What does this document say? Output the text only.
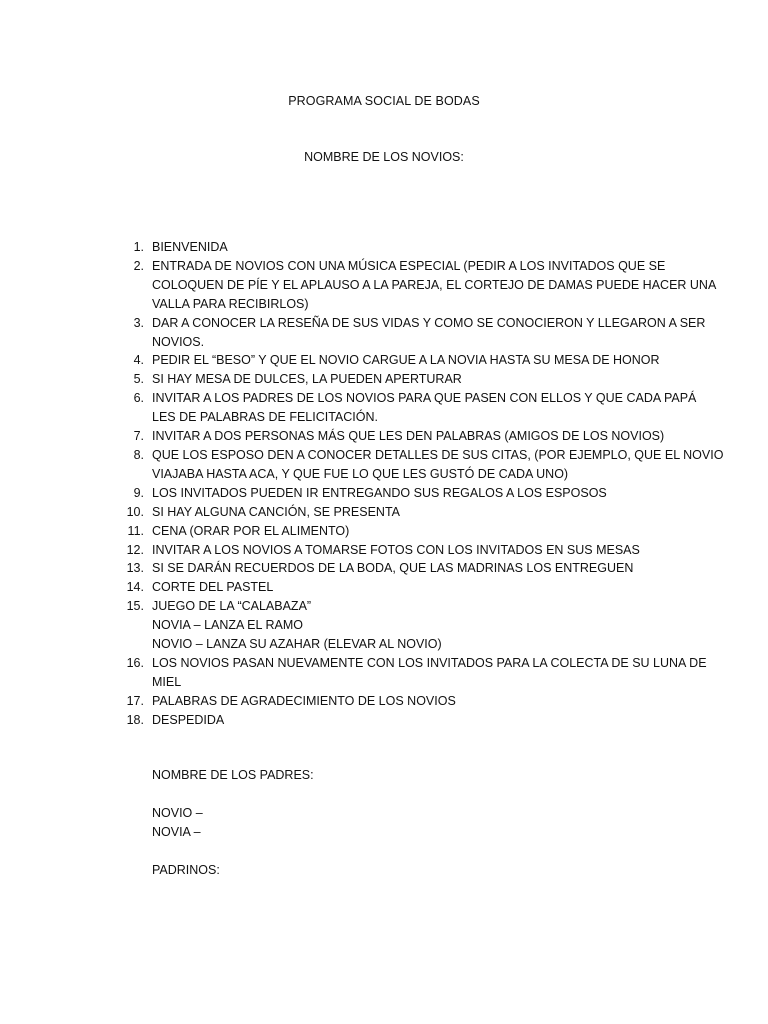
PROGRAMA SOCIAL DE BODAS
NOMBRE DE LOS NOVIOS:
1. BIENVENIDA
2. ENTRADA DE NOVIOS CON UNA MÚSICA ESPECIAL (PEDIR A LOS INVITADOS QUE SE
COLOQUEN DE PÍE Y EL APLAUSO A LA PAREJA, EL CORTEJO DE DAMAS PUEDE HACER UNA
VALLA PARA RECIBIRLOS)
3. DAR A CONOCER LA RESEÑA DE SUS VIDAS Y COMO SE CONOCIERON Y LLEGARON A SER
NOVIOS.
4. PEDIR EL “BESO” Y QUE EL NOVIO CARGUE A LA NOVIA HASTA SU MESA DE HONOR
5. SI HAY MESA DE DULCES, LA PUEDEN APERTURAR
6. INVITAR A LOS PADRES DE LOS NOVIOS PARA QUE PASEN CON ELLOS Y QUE CADA PAPÁ
LES DE PALABRAS DE FELICITACIÓN.
7. INVITAR A DOS PERSONAS MÁS QUE LES DEN PALABRAS (AMIGOS DE LOS NOVIOS)
8. QUE LOS ESPOSO DEN A CONOCER DETALLES DE SUS CITAS, (POR EJEMPLO, QUE EL NOVIO
VIAJABA HASTA ACA, Y QUE FUE LO QUE LES GUSTÓ DE CADA UNO)
9. LOS INVITADOS PUEDEN IR ENTREGANDO SUS REGALOS A LOS ESPOSOS
10. SI HAY ALGUNA CANCIÓN, SE PRESENTA
11. CENA (ORAR POR EL ALIMENTO)
12. INVITAR A LOS NOVIOS A TOMARSE FOTOS CON LOS INVITADOS EN SUS MESAS
13. SI SE DARÁN RECUERDOS DE LA BODA, QUE LAS MADRINAS LOS ENTREGUEN
14. CORTE DEL PASTEL
15. JUEGO DE LA “CALABAZA”
NOVIA – LANZA EL RAMO
NOVIO – LANZA SU AZAHAR (ELEVAR AL NOVIO)
16. LOS NOVIOS PASAN NUEVAMENTE CON LOS INVITADOS PARA LA COLECTA DE SU LUNA DE
MIEL
17. PALABRAS DE AGRADECIMIENTO DE LOS NOVIOS
18. DESPEDIDA
NOMBRE DE LOS PADRES:
NOVIO –
NOVIA –
PADRINOS:
